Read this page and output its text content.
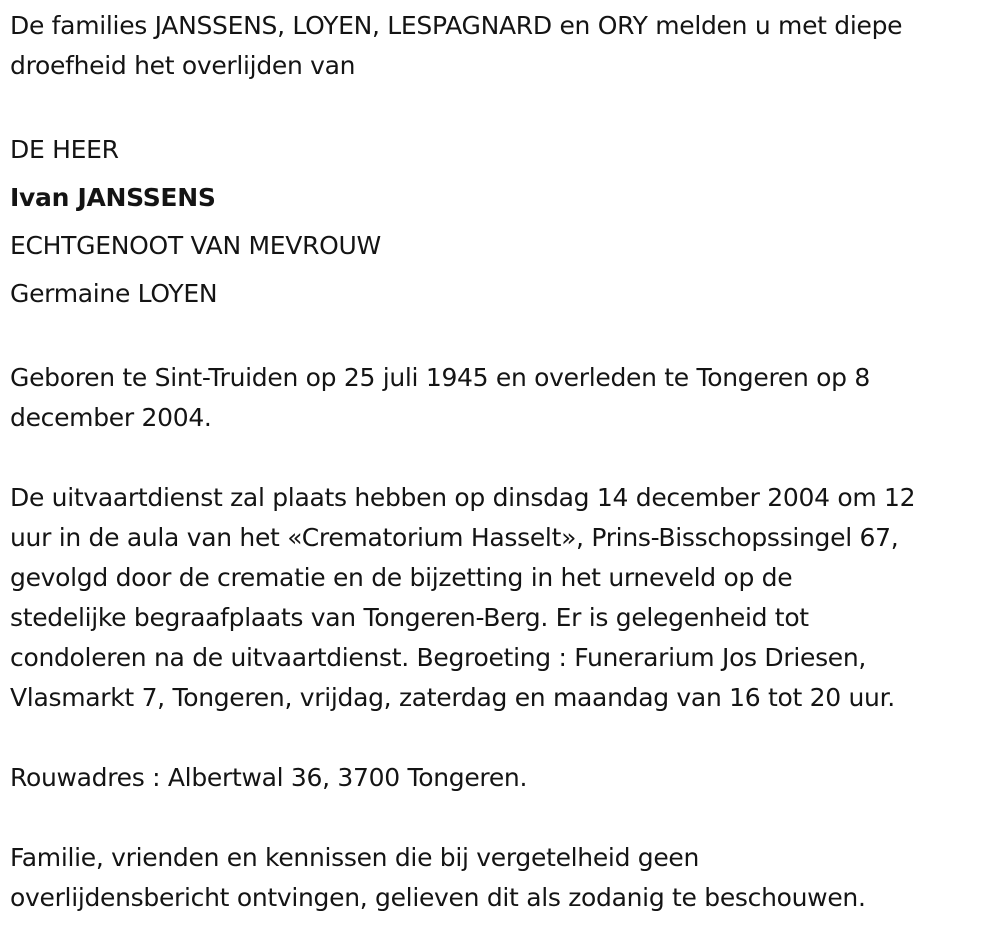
De families JANSSENS, LOYEN, LESPAGNARD en ORY melden u met diepe
droefheid het overlijden van

DE HEER
Ivan JANSSENS
ECHTGENOOT VAN MEVROUW
Germaine LOYEN

Geboren te Sint-Truiden op 25 juli 1945 en overleden te Tongeren op 8
december 2004.

De uitvaartdienst zal plaats hebben op dinsdag 14 december 2004 om 12
uur in de aula van het «Crematorium Hasselt», Prins-Bisschopssingel 67,
gevolgd door de crematie en de bijzetting in het urneveld op de
stedelijke begraafplaats van Tongeren-Berg. Er is gelegenheid tot
condoleren na de uitvaartdienst. Begroeting : Funerarium Jos Driesen,
Vlasmarkt 7, Tongeren, vrijdag, zaterdag en maandag van 16 tot 20 uur.

Rouwadres : Albertwal 36, 3700 Tongeren.

Familie, vrienden en kennissen die bij vergetelheid geen
overlijdensbericht ontvingen, gelieven dit als zodanig te beschouwen.
